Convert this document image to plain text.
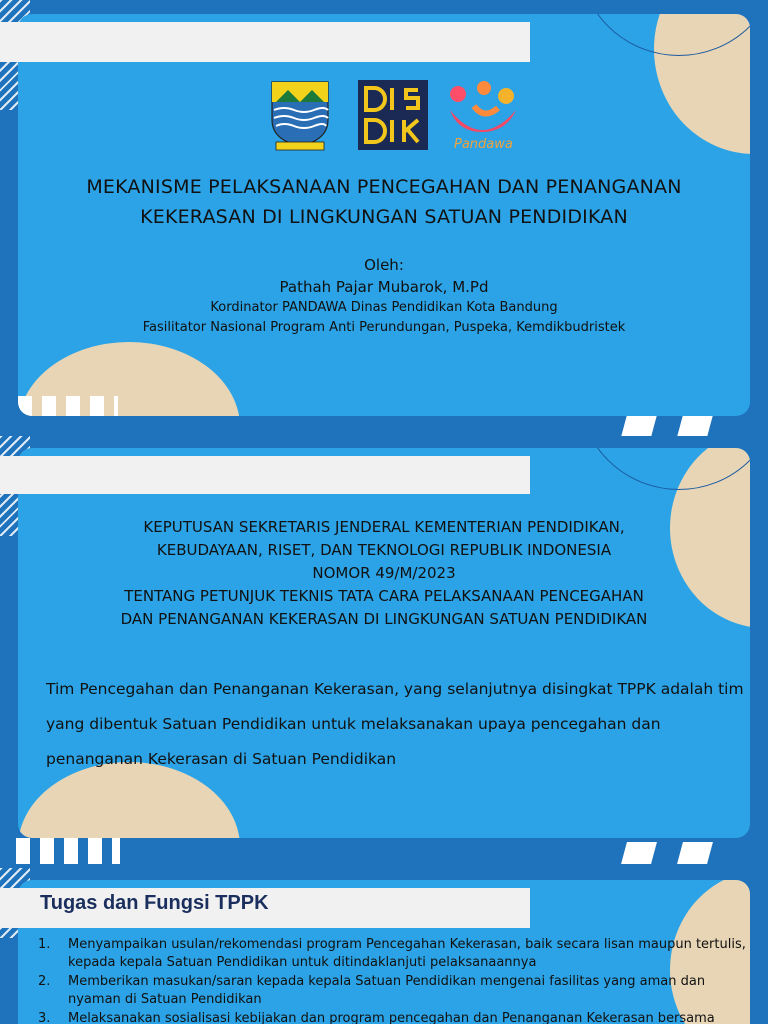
Pandawa
MEKANISME PELAKSANAAN PENCEGAHAN DAN PENANGANAN
KEKERASAN DI LINGKUNGAN SATUAN PENDIDIKAN
Oleh:
Pathah Pajar Mubarok, M.Pd
Kordinator PANDAWA Dinas Pendidikan Kota Bandung
Fasilitator Nasional Program Anti Perundungan, Puspeka, Kemdikbudristek
KEPUTUSAN SEKRETARIS JENDERAL KEMENTERIAN PENDIDIKAN,
KEBUDAYAAN, RISET, DAN TEKNOLOGI REPUBLIK INDONESIA
NOMOR 49/M/2023
TENTANG PETUNJUK TEKNIS TATA CARA PELAKSANAAN PENCEGAHAN
DAN PENANGANAN KEKERASAN DI LINGKUNGAN SATUAN PENDIDIKAN
Tim Pencegahan dan Penanganan Kekerasan, yang selanjutnya disingkat TPPK adalah tim
yang dibentuk Satuan Pendidikan untuk melaksanakan upaya pencegahan dan
penanganan Kekerasan di Satuan Pendidikan
Tugas dan Fungsi TPPK
1. Menyampaikan usulan/rekomendasi program Pencegahan Kekerasan, baik secara lisan maupun tertulis,
kepada kepala Satuan Pendidikan untuk ditindaklanjuti pelaksanaannya
2. Memberikan masukan/saran kepada kepala Satuan Pendidikan mengenai fasilitas yang aman dan
nyaman di Satuan Pendidikan
3. Melaksanakan sosialisasi kebijakan dan program pencegahan dan Penanganan Kekerasan bersama
